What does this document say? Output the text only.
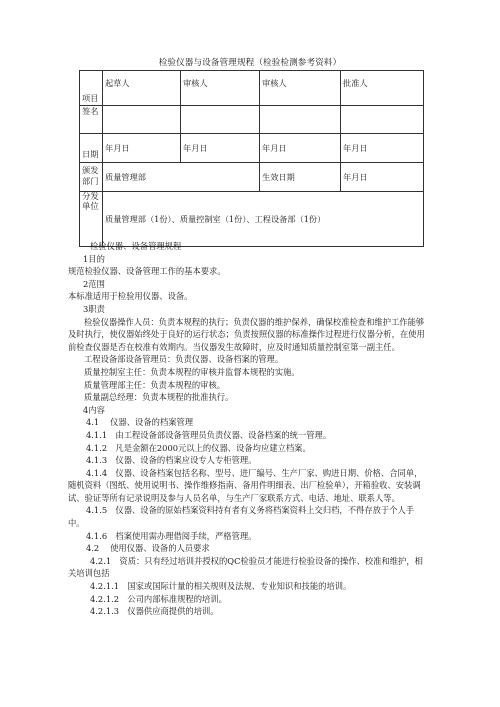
检验仪器与设备管理规程（检验检测参考资料）
项目	起草人	审核人	审核人	批准人
签名				
日期	年月日	年月日	年月日	年月日
颁发部门	质量管理部		生效日期	年月日
分发单位	质量管理部（1份）、质量控制室（1份）、工程设备部（1份）			

检验仪器、设备管理规程

1目的

规范检验仪器、设备管理工作的基本要求。

2范围

本标准适用于检验用仪器、设备。

3职责

检验仪器操作人员：负责本规程的执行；负责仪器的维护保养，确保校准检查和维护工作能够及时执行，使仪器始终处于良好的运行状态；负责按照仪器的标准操作过程进行仪器分析，在使用前检查仪器是否在校准有效期内。当仪器发生故障时，应及时通知质量控制室第一副主任。

工程设备部设备管理员：负责仪器、设备档案的管理。

质量控制室主任：负责本规程的审核并监督本规程的实施。

质量管理部主任：负责本规程的审核。

质量副总经理：负责本规程的批准执行。

4内容

4.1　 仪器、设备的档案管理

4.1.1　由工程设备部设备管理员负责仪器、设备档案的统一管理。

4.1.2　凡是金额在2000元以上的仪器、设备均应建立档案。

4.1.3　仪器、设备的档案应设专人专柜管理。

4.1.4　仪器、设备档案包括名称、型号、进厂编号、生产厂家、购进日期、价格、合同单，随机资料（图纸、使用说明书、操作维修指南、备用件明细表、出厂检验单），开箱验收、安装调试、验证等所有记录说明及参与人员名单，与生产厂家联系方式、电话、地址、联系人等。

4.1.5　仪器、设备的原始档案资料持有者有义务将档案资料上交归档，不得存放于个人手中。

4.1.6　档案使用需办理借阅手续，严格管理。

4.2　 使用仪器、设备的人员要求

4.2.1　资质：只有经过培训并授权的QC检验员才能进行检验设备的操作、校准和维护，相关培训包括

4.2.1.1　国家或国际计量的相关规则及法规、专业知识和技能的培训。

4.2.1.2　公司内部标准规程的培训。

4.2.1.3　仪器供应商提供的培训。
